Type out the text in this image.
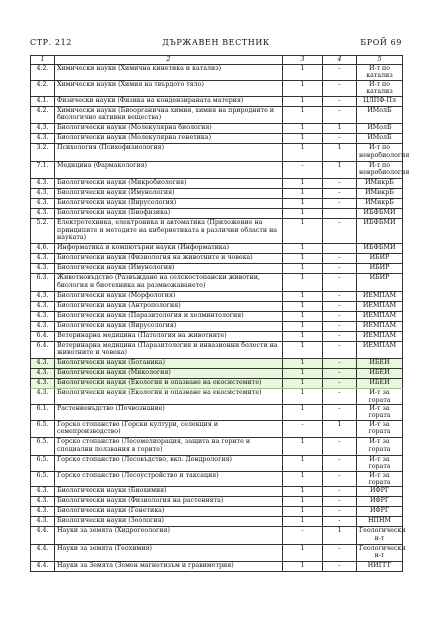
СТР. 212	ДЪРЖАВЕН ВЕСТНИК	БРОЙ 69
1	2	3	4	5
4.2.	Химически науки (Химична кинетика и катализ)	1	-	И-т по катализ
4.2.	Химически науки (Химия на твърдото тяло)	1	-	И-т по катализ
4.1.	Физически науки (Физика на кондензираната материя)	1	-	ЦЛПФ-Пл
4.2.	Химически науки (Биоорганична химия, химия на природните и биологично активни вещества)	1	-	ИМолБ
4.3.	Биологически науки (Молекулярна биология)	1	1	ИМолБ
4.3.	Биологически науки (Молекулярна генетика)	1	-	ИМолБ
3.2.	Психология (Психофизиология)	1	1	И-т по невробиология
7.1.	Медицина (Фармакология)	-	1	И-т по невробиология
4.3.	Биологически науки (Микробиология)	1	-	ИМикрБ
4.3.	Биологически науки (Имунология)	1	-	ИМикрБ
4.3.	Биологически науки (Вирусология)	1	-	ИМикрБ
4.3.	Биологически науки (Биофизика)	1		ИБФБМИ
5.2.	Електротехника, електроника и автоматика (Приложение на принципите и методите на кибернетиката в различни области на науката)	1	-	ИБФБМИ
4.6.	Информатика и компютърни науки (Информатика)	1		ИБФБМИ
4.3.	Биологически науки (Физиология на животните и човека)	1	-	ИБИР
4.3.	Биологически науки (Имунология)	1	-	ИБИР
6.3.	Животновъдство (Развъждане на селскостопански животни, биология и биотехника на размножаването)	1	-	ИБИР
4.3.	Биологически науки (Морфология)	1	-	ИЕМПАМ
4.3.	Биологически науки (Антропология)	1	-	ИЕМПАМ
4.3.	Биологически науки (Паразитология и хелминтология)	1	-	ИЕМПАМ
4.3.	Биологически науки (Вирусология)	1	-	ИЕМПАМ
6.4.	Ветеринарна медицина (Патология на животните)	1	-	ИЕМПАМ
6.4.	Ветеринарна медицина (Паразитология и инвазионни болести на животните и човека)	1	-	ИЕМПАМ
4.3.	Биологически науки (Ботаника)	1	-	ИБЕИ
4.3.	Биологически науки (Микология)	1	-	ИБЕИ
4.3.	Биологически науки (Екология и опазване на екосистемите)	1	-	ИБЕИ
4.3.	Биологически науки (Екология и опазване на екосистемите)	1	-	И-т за гората
6.1.	Растениевъдство (Почвознание)	1	-	И-т за гората
6.5.	Горско стопанство (Горски култури, селекция и семепроизводство)	-	1	И-т за гората
6.5.	Горско стопанство (Лесомелиорация, защита на горите и специални ползвания в горите)	1	-	И-т за гората
6.5.	Горско стопанство (Лесовъдство, вкл. Дендрология)	1	-	И-т за гората
6.5.	Горско стопанство (Лесоустройство и таксация)	1	-	И-т за гората
4.3.	Биологически науки (Биохимия)	1	-	ИФРГ
4.3.	Биологически науки (Физиология на растенията)	1	-	ИФРГ
4.3.	Биологически науки (Генетика)	1	-	ИФРГ
4.3.	Биологически науки (Зоология)	1	-	НПНМ
4.4.	Науки за земята (Хидрогеология)	-	1	Геологически и-т
4.4.	Науки за земята (Геохимия)	1	-	Геологически и-т
4.4.	Науки за Земята (Земен магнетизъм и гравиметрия)	1	-	НИГГГ
